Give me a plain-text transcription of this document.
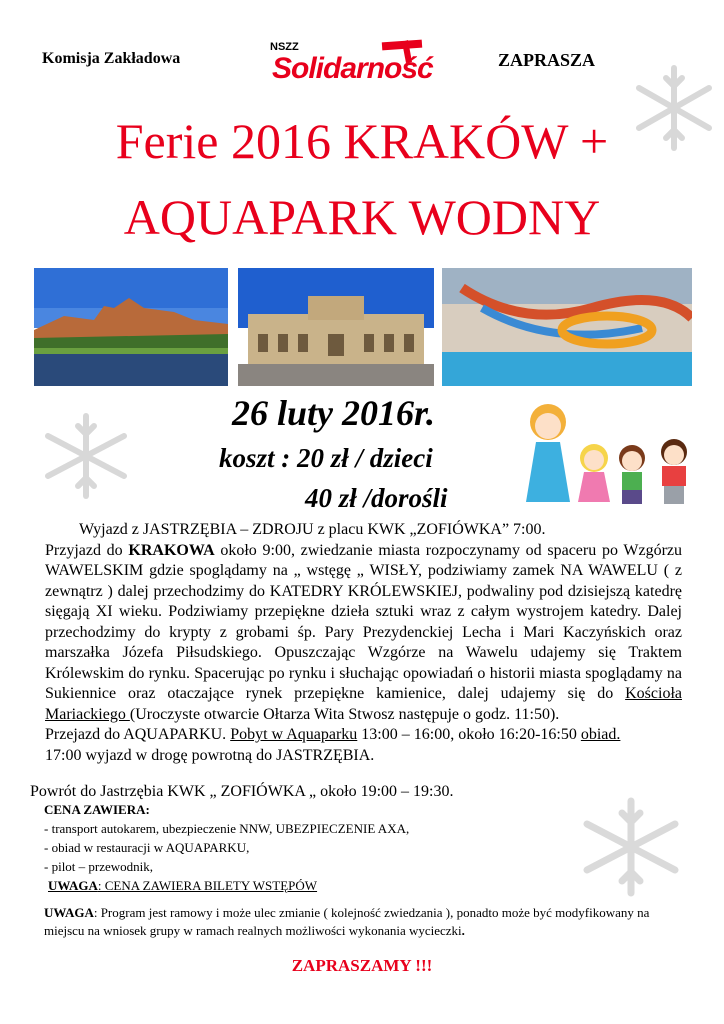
Komisja Zakładowa
NSZZ
Solidarność	ZAPRASZA
Ferie 2016 KRAKÓW +
AQUAPARK WODNY
26 luty 2016r.
koszt : 20 zł / dzieci
40 zł /dorośli

Wyjazd z JASTRZĘBIA – ZDROJU z placu KWK „ZOFIÓWKA” 7:00.

Przyjazd do KRAKOWA około 9:00, zwiedzanie miasta rozpoczynamy od spaceru po Wzgórzu WAWELSKIM gdzie spoglądamy na „ wstęgę „ WISŁY, podziwiamy zamek NA WAWELU ( z zewnątrz ) dalej przechodzimy do KATEDRY KRÓLEWSKIEJ, podwaliny pod dzisiejszą katedrę sięgają XI wieku. Podziwiamy przepiękne dzieła sztuki wraz z całym wystrojem katedry. Dalej przechodzimy do krypty z grobami śp. Pary Prezydenckiej Lecha i Mari Kaczyńskich oraz marszałka Józefa Piłsudskiego. Opuszczając Wzgórze na Wawelu udajemy się Traktem Królewskim do rynku. Spacerując po rynku i słuchając opowiadań o historii miasta spoglądamy na Sukiennice oraz otaczające rynek przepiękne kamienice, dalej udajemy się do Kościoła Mariackiego (Uroczyste otwarcie Ołtarza Wita Stwosz następuje o godz. 11:50).

Przejazd do AQUAPARKU. Pobyt w Aquaparku 13:00 – 16:00, około 16:20-16:50 obiad.

17:00 wyjazd w drogę powrotną do JASTRZĘBIA.

Powrót do Jastrzębia KWK „ ZOFIÓWKA „ około 19:00 – 19:30.
CENA ZAWIERA:
- transport autokarem, ubezpieczenie NNW, UBEZPIECZENIE AXA,
- obiad w restauracji w AQUAPARKU,
- pilot – przewodnik,
UWAGA: CENA ZAWIERA BILETY WSTĘPÓW
UWAGA: Program jest ramowy i może ulec zmianie ( kolejność zwiedzania ), ponadto może być modyfikowany na miejscu na wniosek grupy w ramach realnych możliwości wykonania wycieczki.
ZAPRASZAMY !!!
